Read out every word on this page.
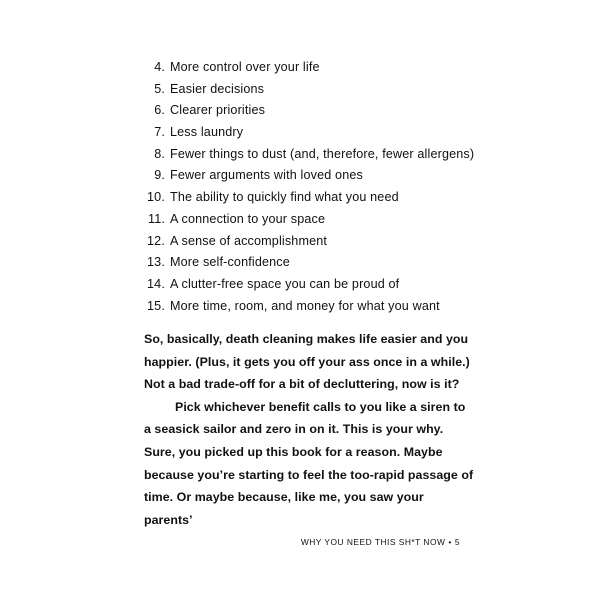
4. More control over your life
5. Easier decisions
6. Clearer priorities
7. Less laundry
8. Fewer things to dust (and, therefore, fewer allergens)
9. Fewer arguments with loved ones
10. The ability to quickly find what you need
11. A connection to your space
12. A sense of accomplishment
13. More self-confidence
14. A clutter-free space you can be proud of
15. More time, room, and money for what you want

So, basically, death cleaning makes life easier and you happier. (Plus, it gets you off your ass once in a while.) Not a bad trade-off for a bit of decluttering, now is it?

Pick whichever benefit calls to you like a siren to a seasick sailor and zero in on it. This is your why. Sure, you picked up this book for a reason. Maybe because you’re starting to feel the too-rapid passage of time. Or maybe because, like me, you saw your parents’

WHY YOU NEED THIS SH*T NOW • 5
